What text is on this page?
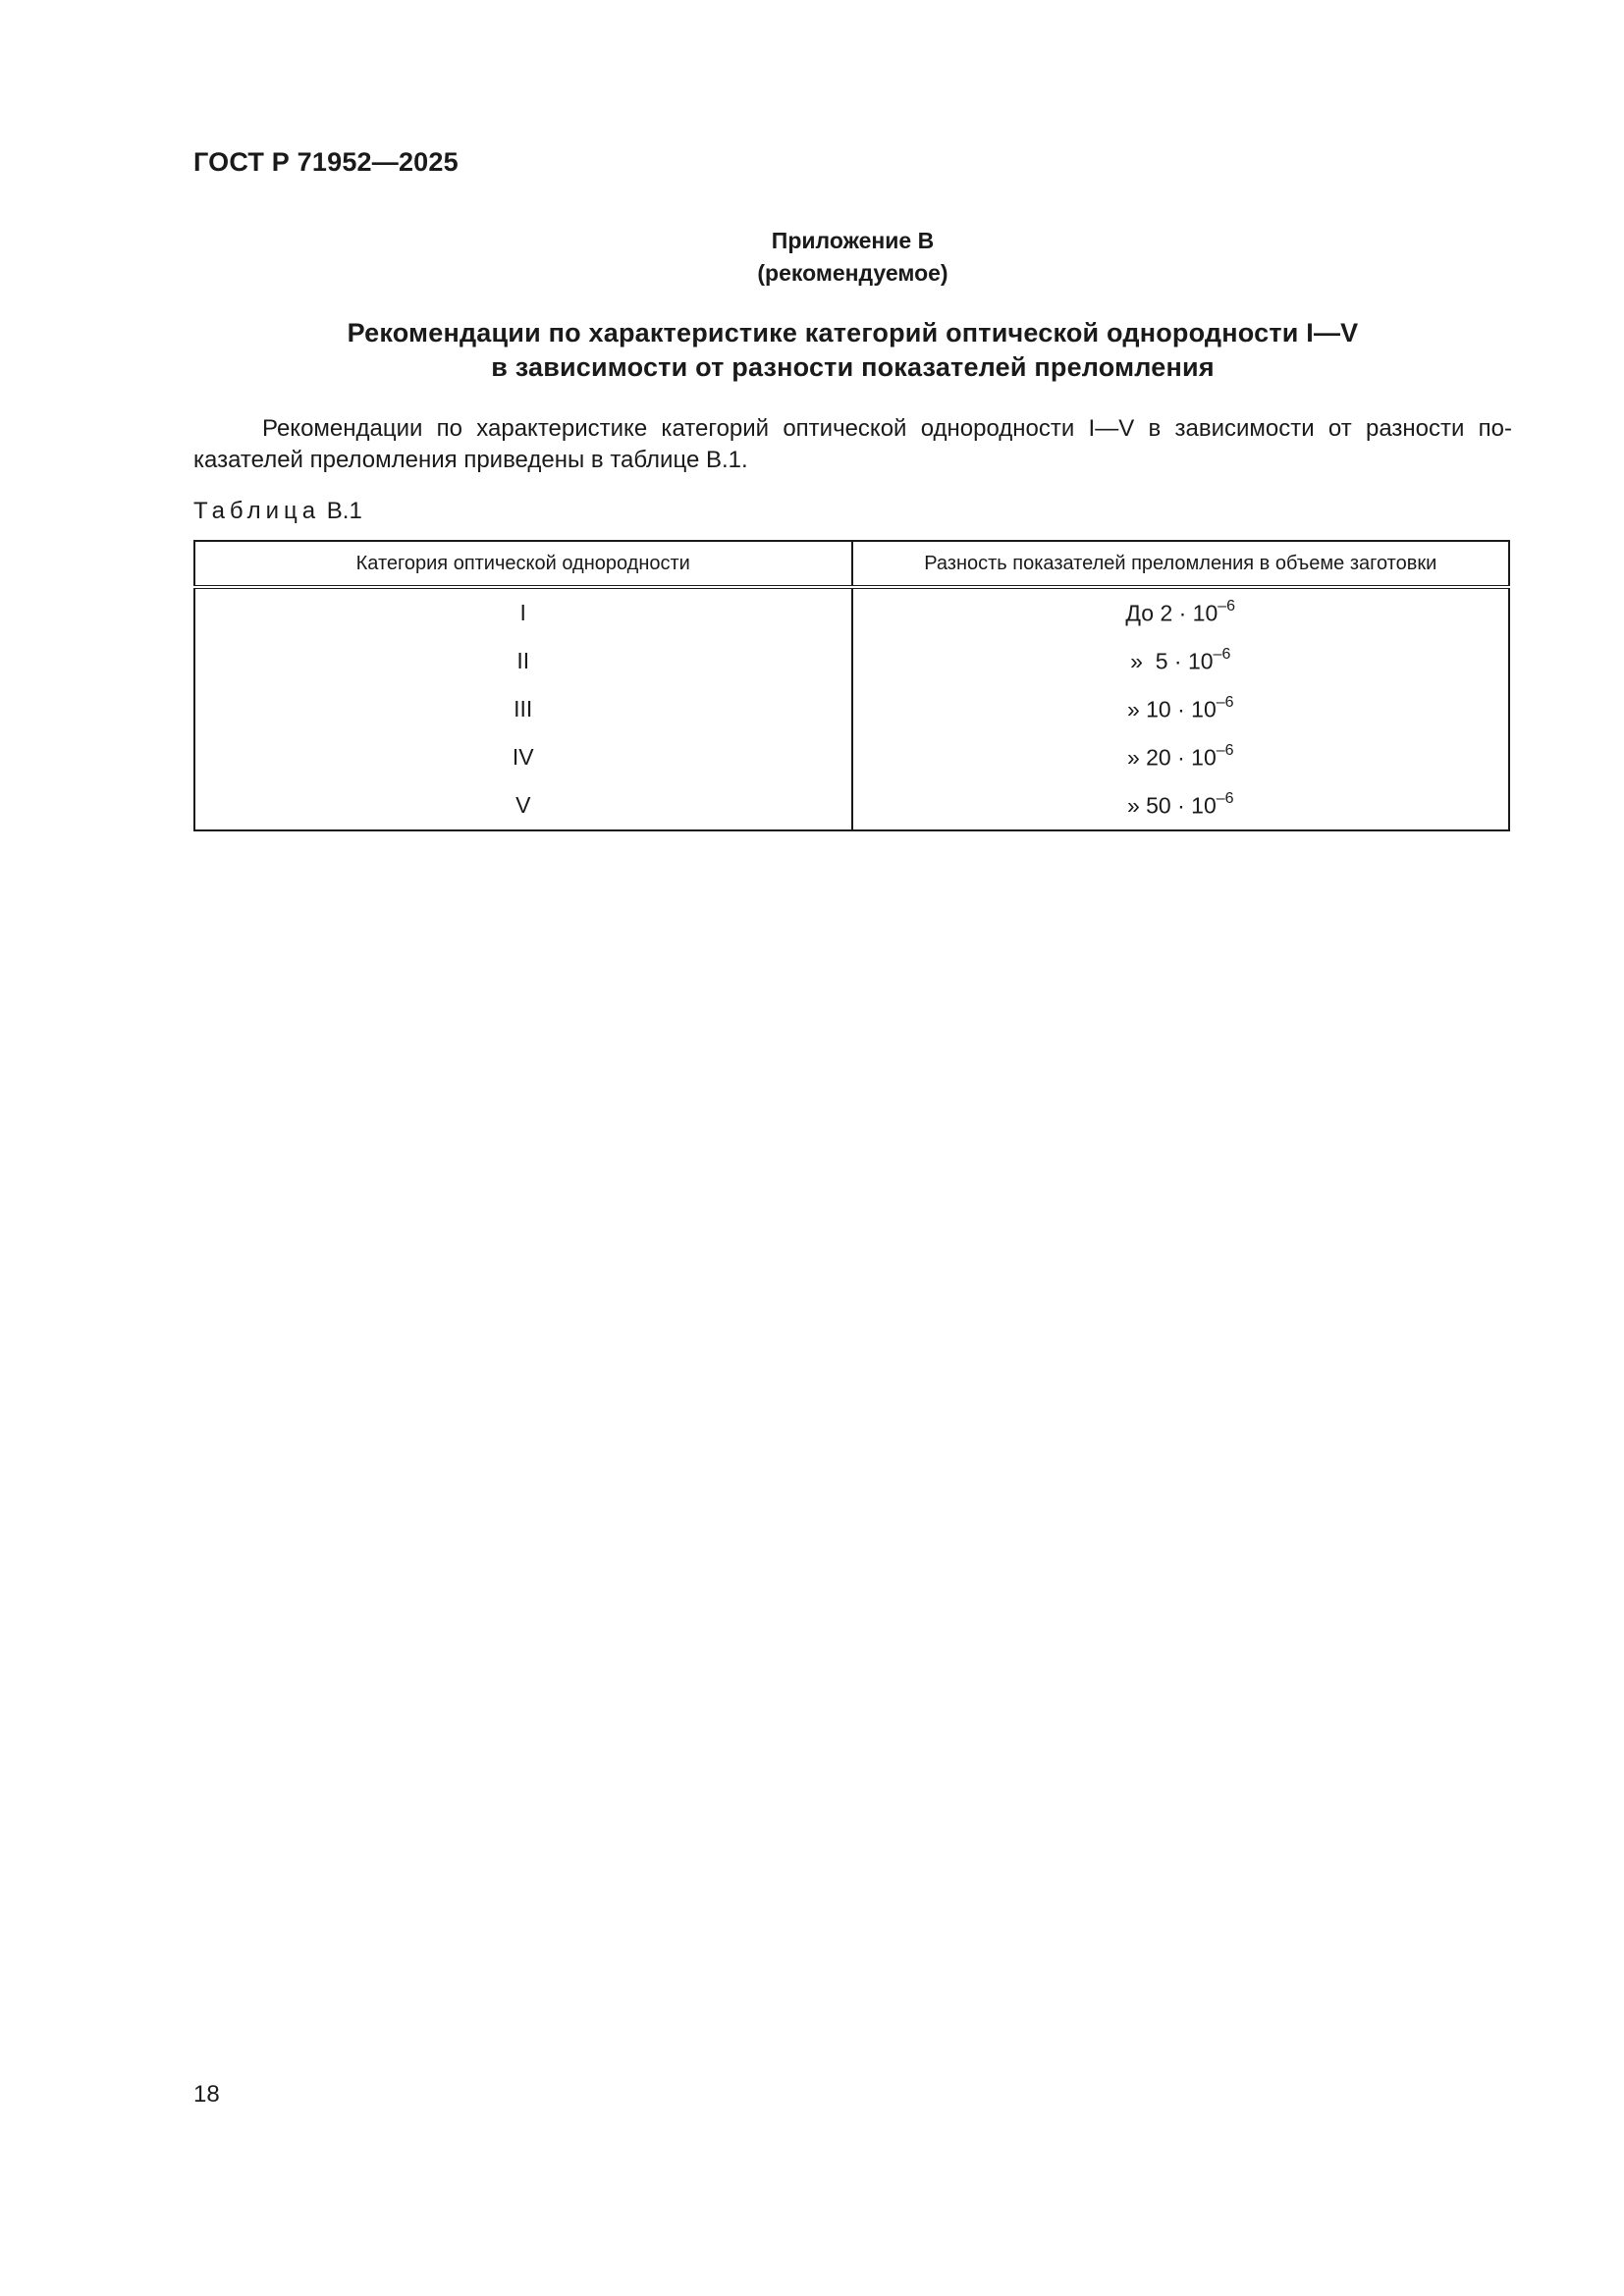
ГОСТ Р 71952—2025
Приложение В
(рекомендуемое)
Рекомендации по характеристике категорий оптической однородности I—V
в зависимости от разности показателей преломления
Рекомендации по характеристике категорий оптической однородности I—V в зависимости от разности показателей преломления приведены в таблице В.1.
Таблица В.1
Категория оптической однородности	Разность показателей преломления в объеме заготовки
I	До $2 \cdot 10^{-6}$
II	»  $5 \cdot 10^{-6}$
III	» $10 \cdot 10^{-6}$
IV	» $20 \cdot 10^{-6}$
V	» $50 \cdot 10^{-6}$
18
